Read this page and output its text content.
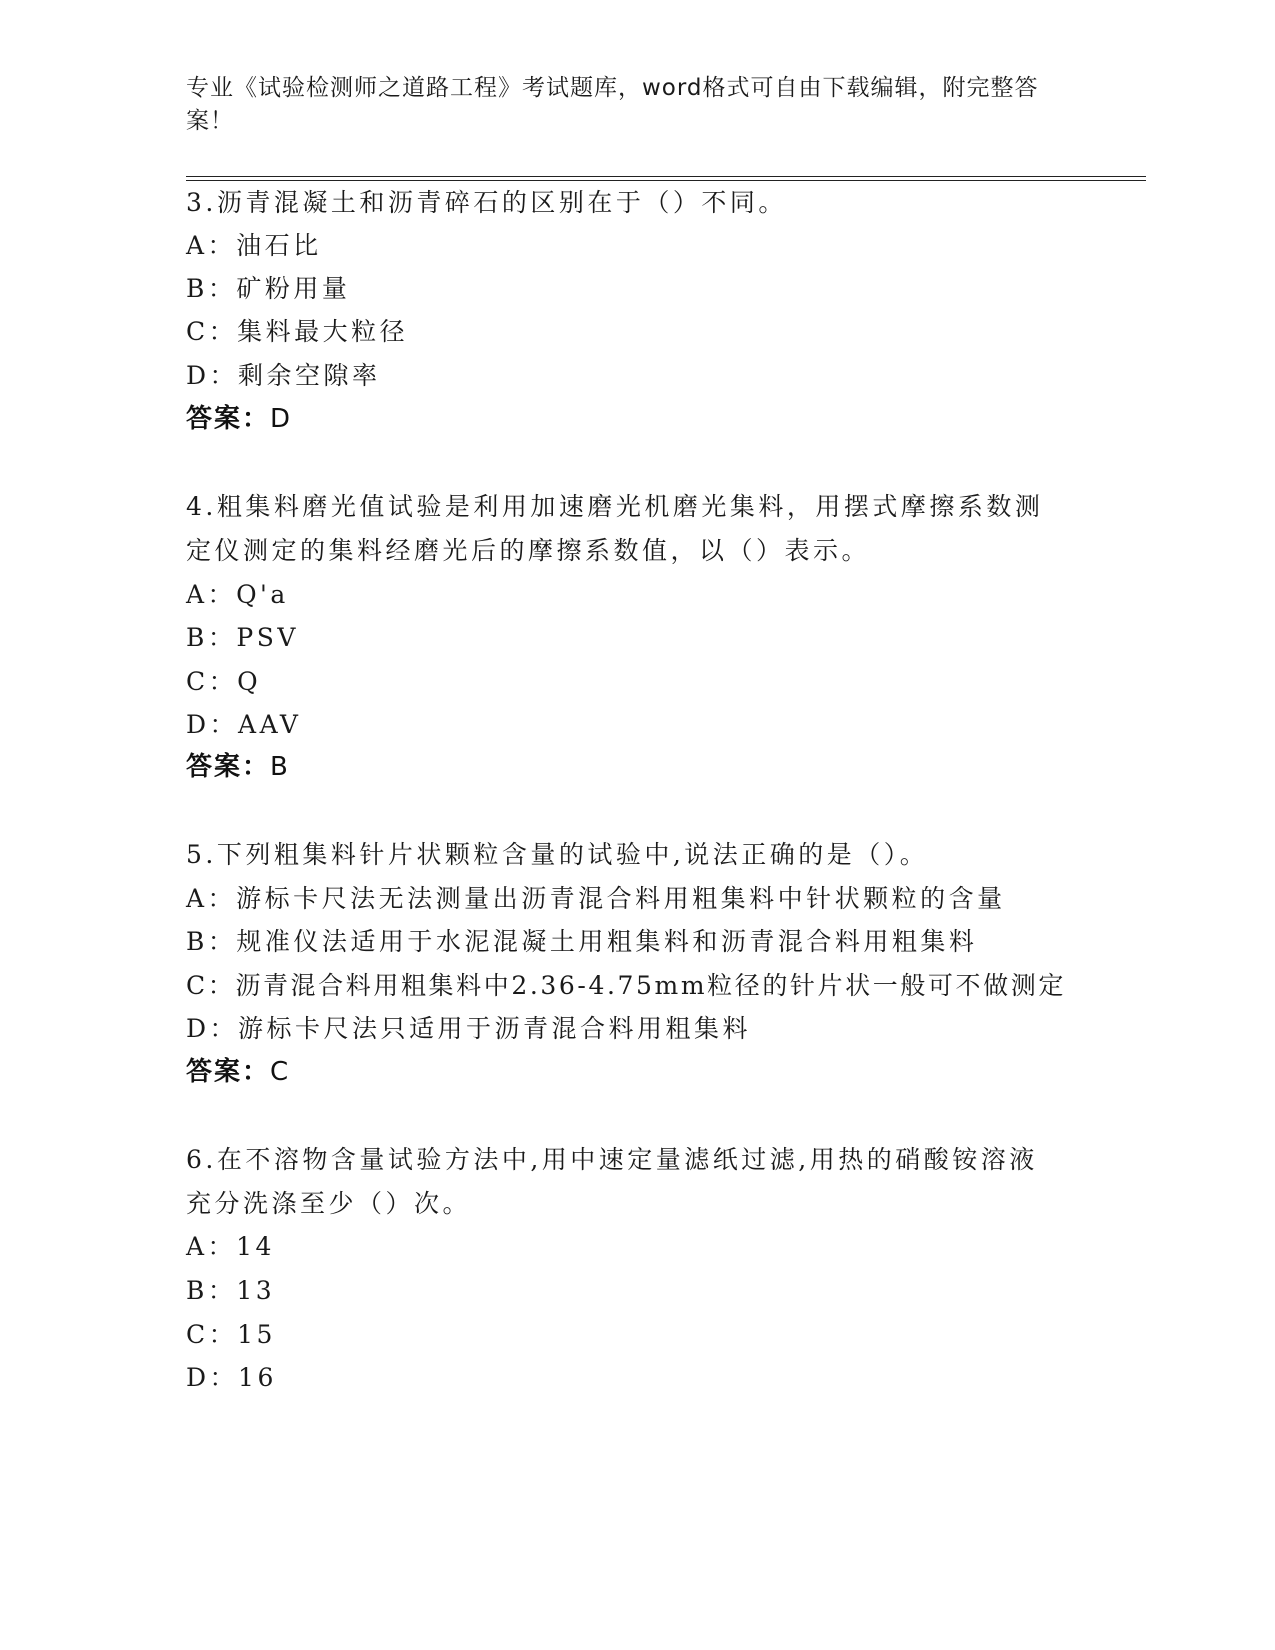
专业《试验检测师之道路工程》考试题库，word格式可自由下载编辑，附完整答案！
3.沥青混凝土和沥青碎石的区别在于（）不同。
A：油石比
B：矿粉用量
C：集料最大粒径
D：剩余空隙率
答案：D
4.粗集料磨光值试验是利用加速磨光机磨光集料，用摆式摩擦系数测
定仪测定的集料经磨光后的摩擦系数值，以（）表示。
A：Q'a
B：PSV
C：Q
D：AAV
答案：B
5.下列粗集料针片状颗粒含量的试验中,说法正确的是（）。
A：游标卡尺法无法测量出沥青混合料用粗集料中针状颗粒的含量
B：规准仪法适用于水泥混凝土用粗集料和沥青混合料用粗集料
C：沥青混合料用粗集料中2.36-4.75mm粒径的针片状一般可不做测定
D：游标卡尺法只适用于沥青混合料用粗集料
答案：C
6.在不溶物含量试验方法中,用中速定量滤纸过滤,用热的硝酸铵溶液
充分洗涤至少（）次。
A：14
B：13
C：15
D：16
